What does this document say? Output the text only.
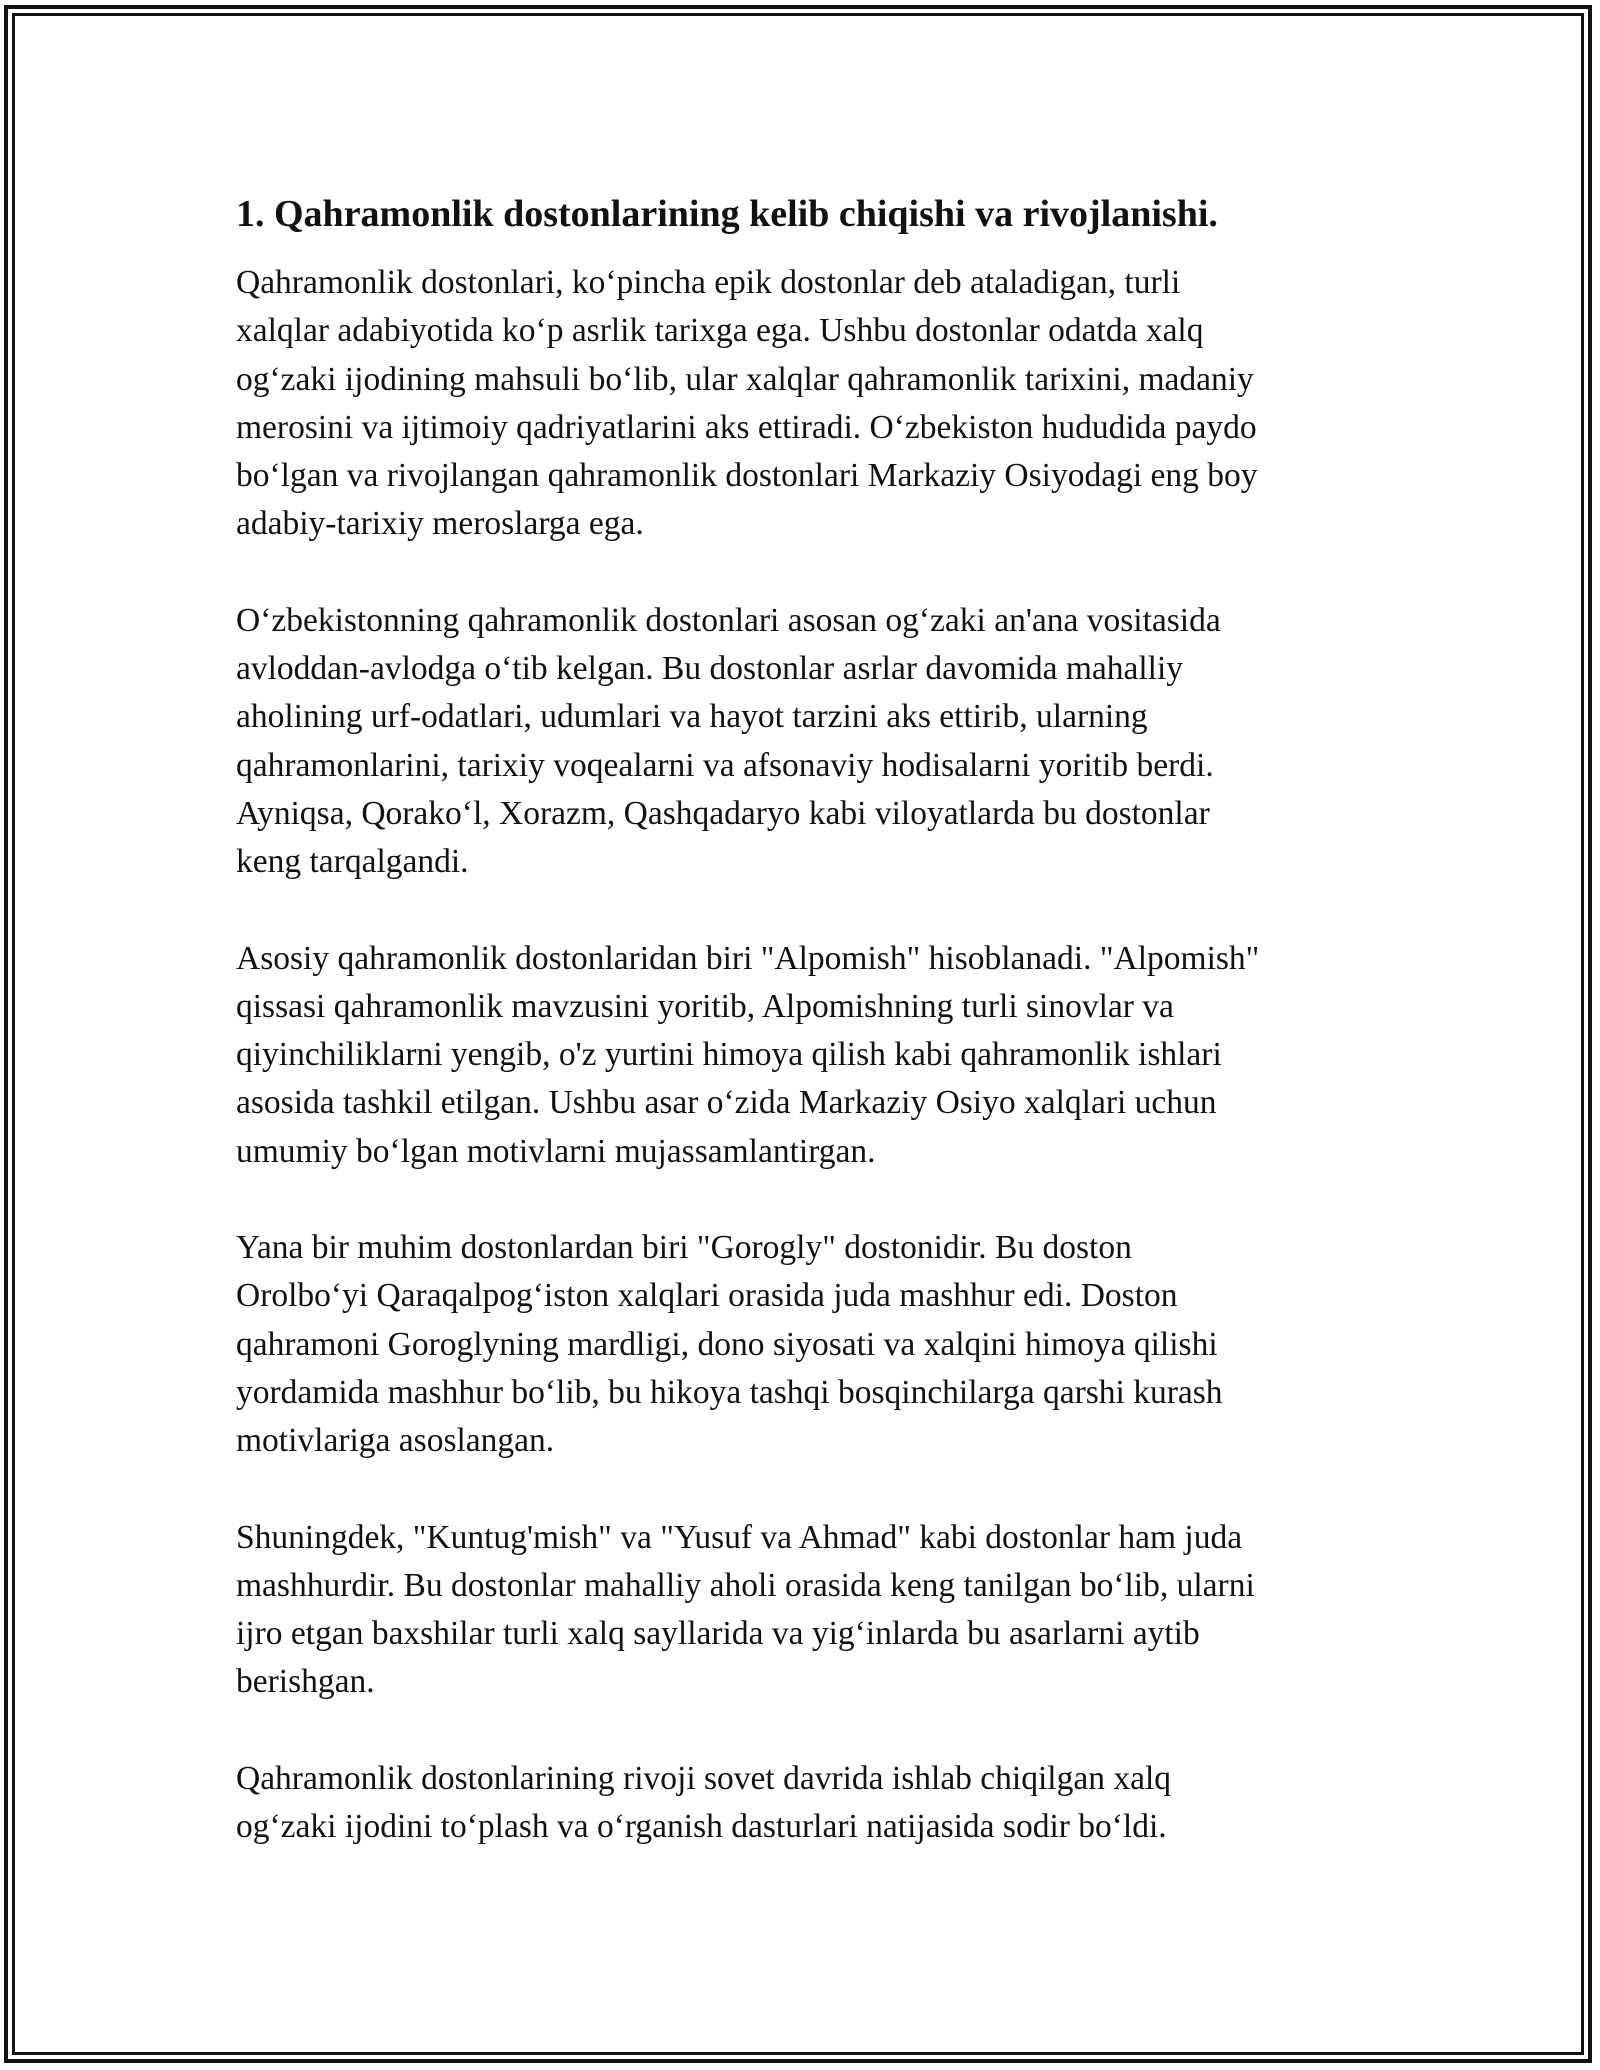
1. Qahramonlik dostonlarining kelib chiqishi va rivojlanishi.
Qahramonlik dostonlari, ko‘pincha epik dostonlar deb ataladigan, turli
xalqlar adabiyotida ko‘p asrlik tarixga ega. Ushbu dostonlar odatda xalq
og‘zaki ijodining mahsuli bo‘lib, ular xalqlar qahramonlik tarixini, madaniy
merosini va ijtimoiy qadriyatlarini aks ettiradi. O‘zbekiston hududida paydo
bo‘lgan va rivojlangan qahramonlik dostonlari Markaziy Osiyodagi eng boy
adabiy-tarixiy meroslarga ega.
O‘zbekistonning qahramonlik dostonlari asosan og‘zaki an'ana vositasida
avloddan-avlodga o‘tib kelgan. Bu dostonlar asrlar davomida mahalliy
aholining urf-odatlari, udumlari va hayot tarzini aks ettirib, ularning
qahramonlarini, tarixiy voqealarni va afsonaviy hodisalarni yoritib berdi.
Ayniqsa, Qorako‘l, Xorazm, Qashqadaryo kabi viloyatlarda bu dostonlar
keng tarqalgandi.
Asosiy qahramonlik dostonlaridan biri "Alpomish" hisoblanadi. "Alpomish"
qissasi qahramonlik mavzusini yoritib, Alpomishning turli sinovlar va
qiyinchiliklarni yengib, o'z yurtini himoya qilish kabi qahramonlik ishlari
asosida tashkil etilgan. Ushbu asar o‘zida Markaziy Osiyo xalqlari uchun
umumiy bo‘lgan motivlarni mujassamlantirgan.
Yana bir muhim dostonlardan biri "Gorogly" dostonidir. Bu doston
Orolbo‘yi Qaraqalpog‘iston xalqlari orasida juda mashhur edi. Doston
qahramoni Goroglyning mardligi, dono siyosati va xalqini himoya qilishi
yordamida mashhur bo‘lib, bu hikoya tashqi bosqinchilarga qarshi kurash
motivlariga asoslangan.
Shuningdek, "Kuntug'mish" va "Yusuf va Ahmad" kabi dostonlar ham juda
mashhurdir. Bu dostonlar mahalliy aholi orasida keng tanilgan bo‘lib, ularni
ijro etgan baxshilar turli xalq sayllarida va yig‘inlarda bu asarlarni aytib
berishgan.
Qahramonlik dostonlarining rivoji sovet davrida ishlab chiqilgan xalq
og‘zaki ijodini to‘plash va o‘rganish dasturlari natijasida sodir bo‘ldi.
